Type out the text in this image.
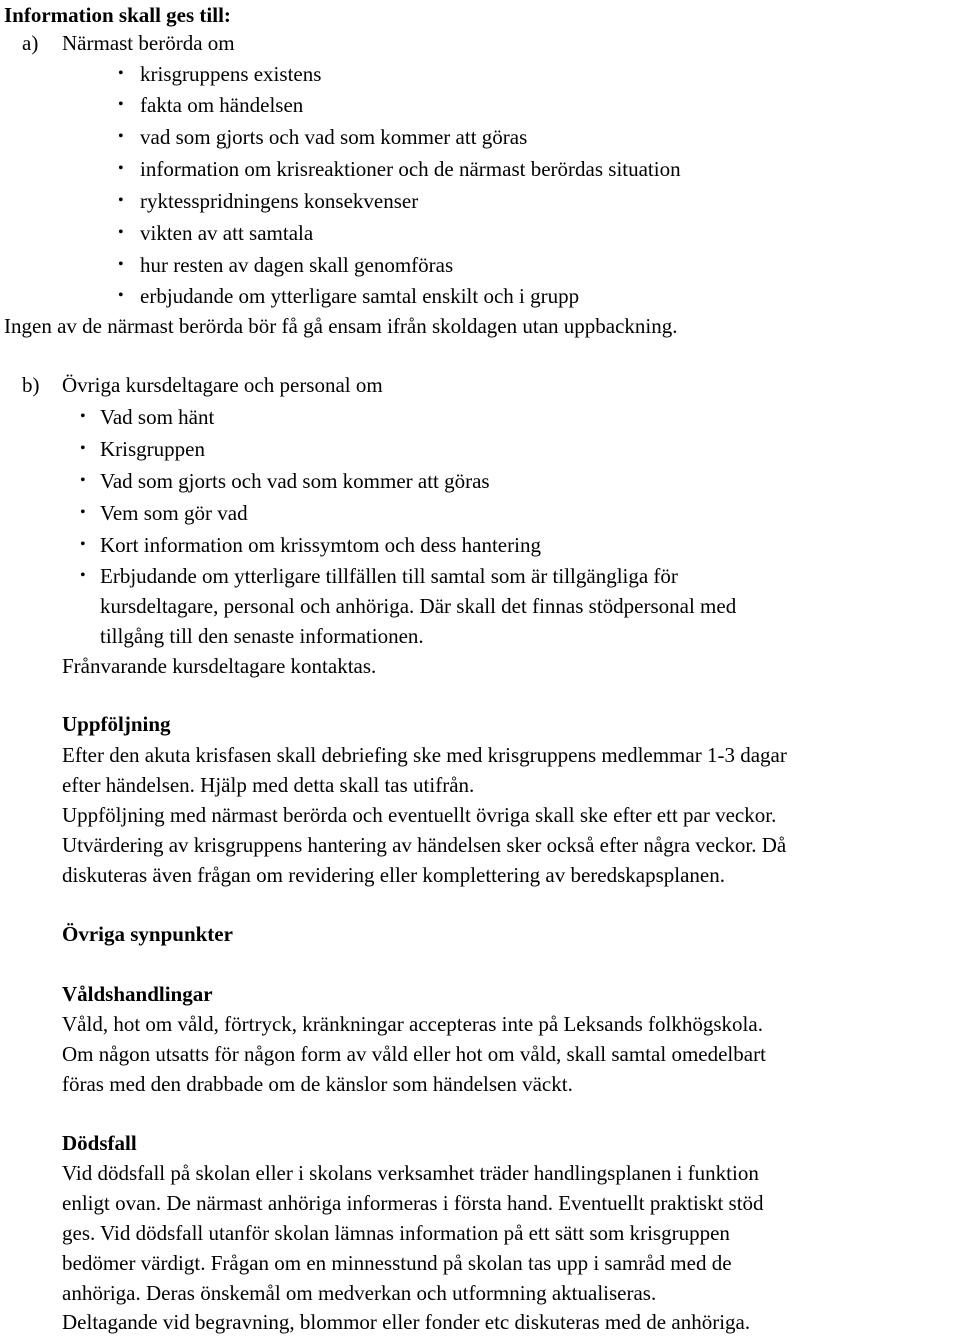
Information skall ges till:
a) Närmast berörda om
• krisgruppens existens
• fakta om händelsen
• vad som gjorts och vad som kommer att göras
• information om krisreaktioner och de närmast berördas situation
• ryktesspridningens konsekvenser
• vikten av att samtala
• hur resten av dagen skall genomföras
• erbjudande om ytterligare samtal enskilt och i grupp
Ingen av de närmast berörda bör få gå ensam ifrån skoldagen utan uppbackning.
b) Övriga kursdeltagare och personal om
• Vad som hänt
• Krisgruppen
• Vad som gjorts och vad som kommer att göras
• Vem som gör vad
• Kort information om krissymtom och dess hantering
• Erbjudande om ytterligare tillfällen till samtal som är tillgängliga för
kursdeltagare, personal och anhöriga. Där skall det finnas stödpersonal med
tillgång till den senaste informationen.
Frånvarande kursdeltagare kontaktas.
Uppföljning
Efter den akuta krisfasen skall debriefing ske med krisgruppens medlemmar 1-3 dagar
efter händelsen. Hjälp med detta skall tas utifrån.
Uppföljning med närmast berörda och eventuellt övriga skall ske efter ett par veckor.
Utvärdering av krisgruppens hantering av händelsen sker också efter några veckor. Då
diskuteras även frågan om revidering eller komplettering av beredskapsplanen.
Övriga synpunkter
Våldshandlingar
Våld, hot om våld, förtryck, kränkningar accepteras inte på Leksands folkhögskola.
Om någon utsatts för någon form av våld eller hot om våld, skall samtal omedelbart
föras med den drabbade om de känslor som händelsen väckt.
Dödsfall
Vid dödsfall på skolan eller i skolans verksamhet träder handlingsplanen i funktion
enligt ovan. De närmast anhöriga informeras i första hand. Eventuellt praktiskt stöd
ges. Vid dödsfall utanför skolan lämnas information på ett sätt som krisgruppen
bedömer värdigt. Frågan om en minnesstund på skolan tas upp i samråd med de
anhöriga. Deras önskemål om medverkan och utformning aktualiseras.
Deltagande vid begravning, blommor eller fonder etc diskuteras med de anhöriga.
